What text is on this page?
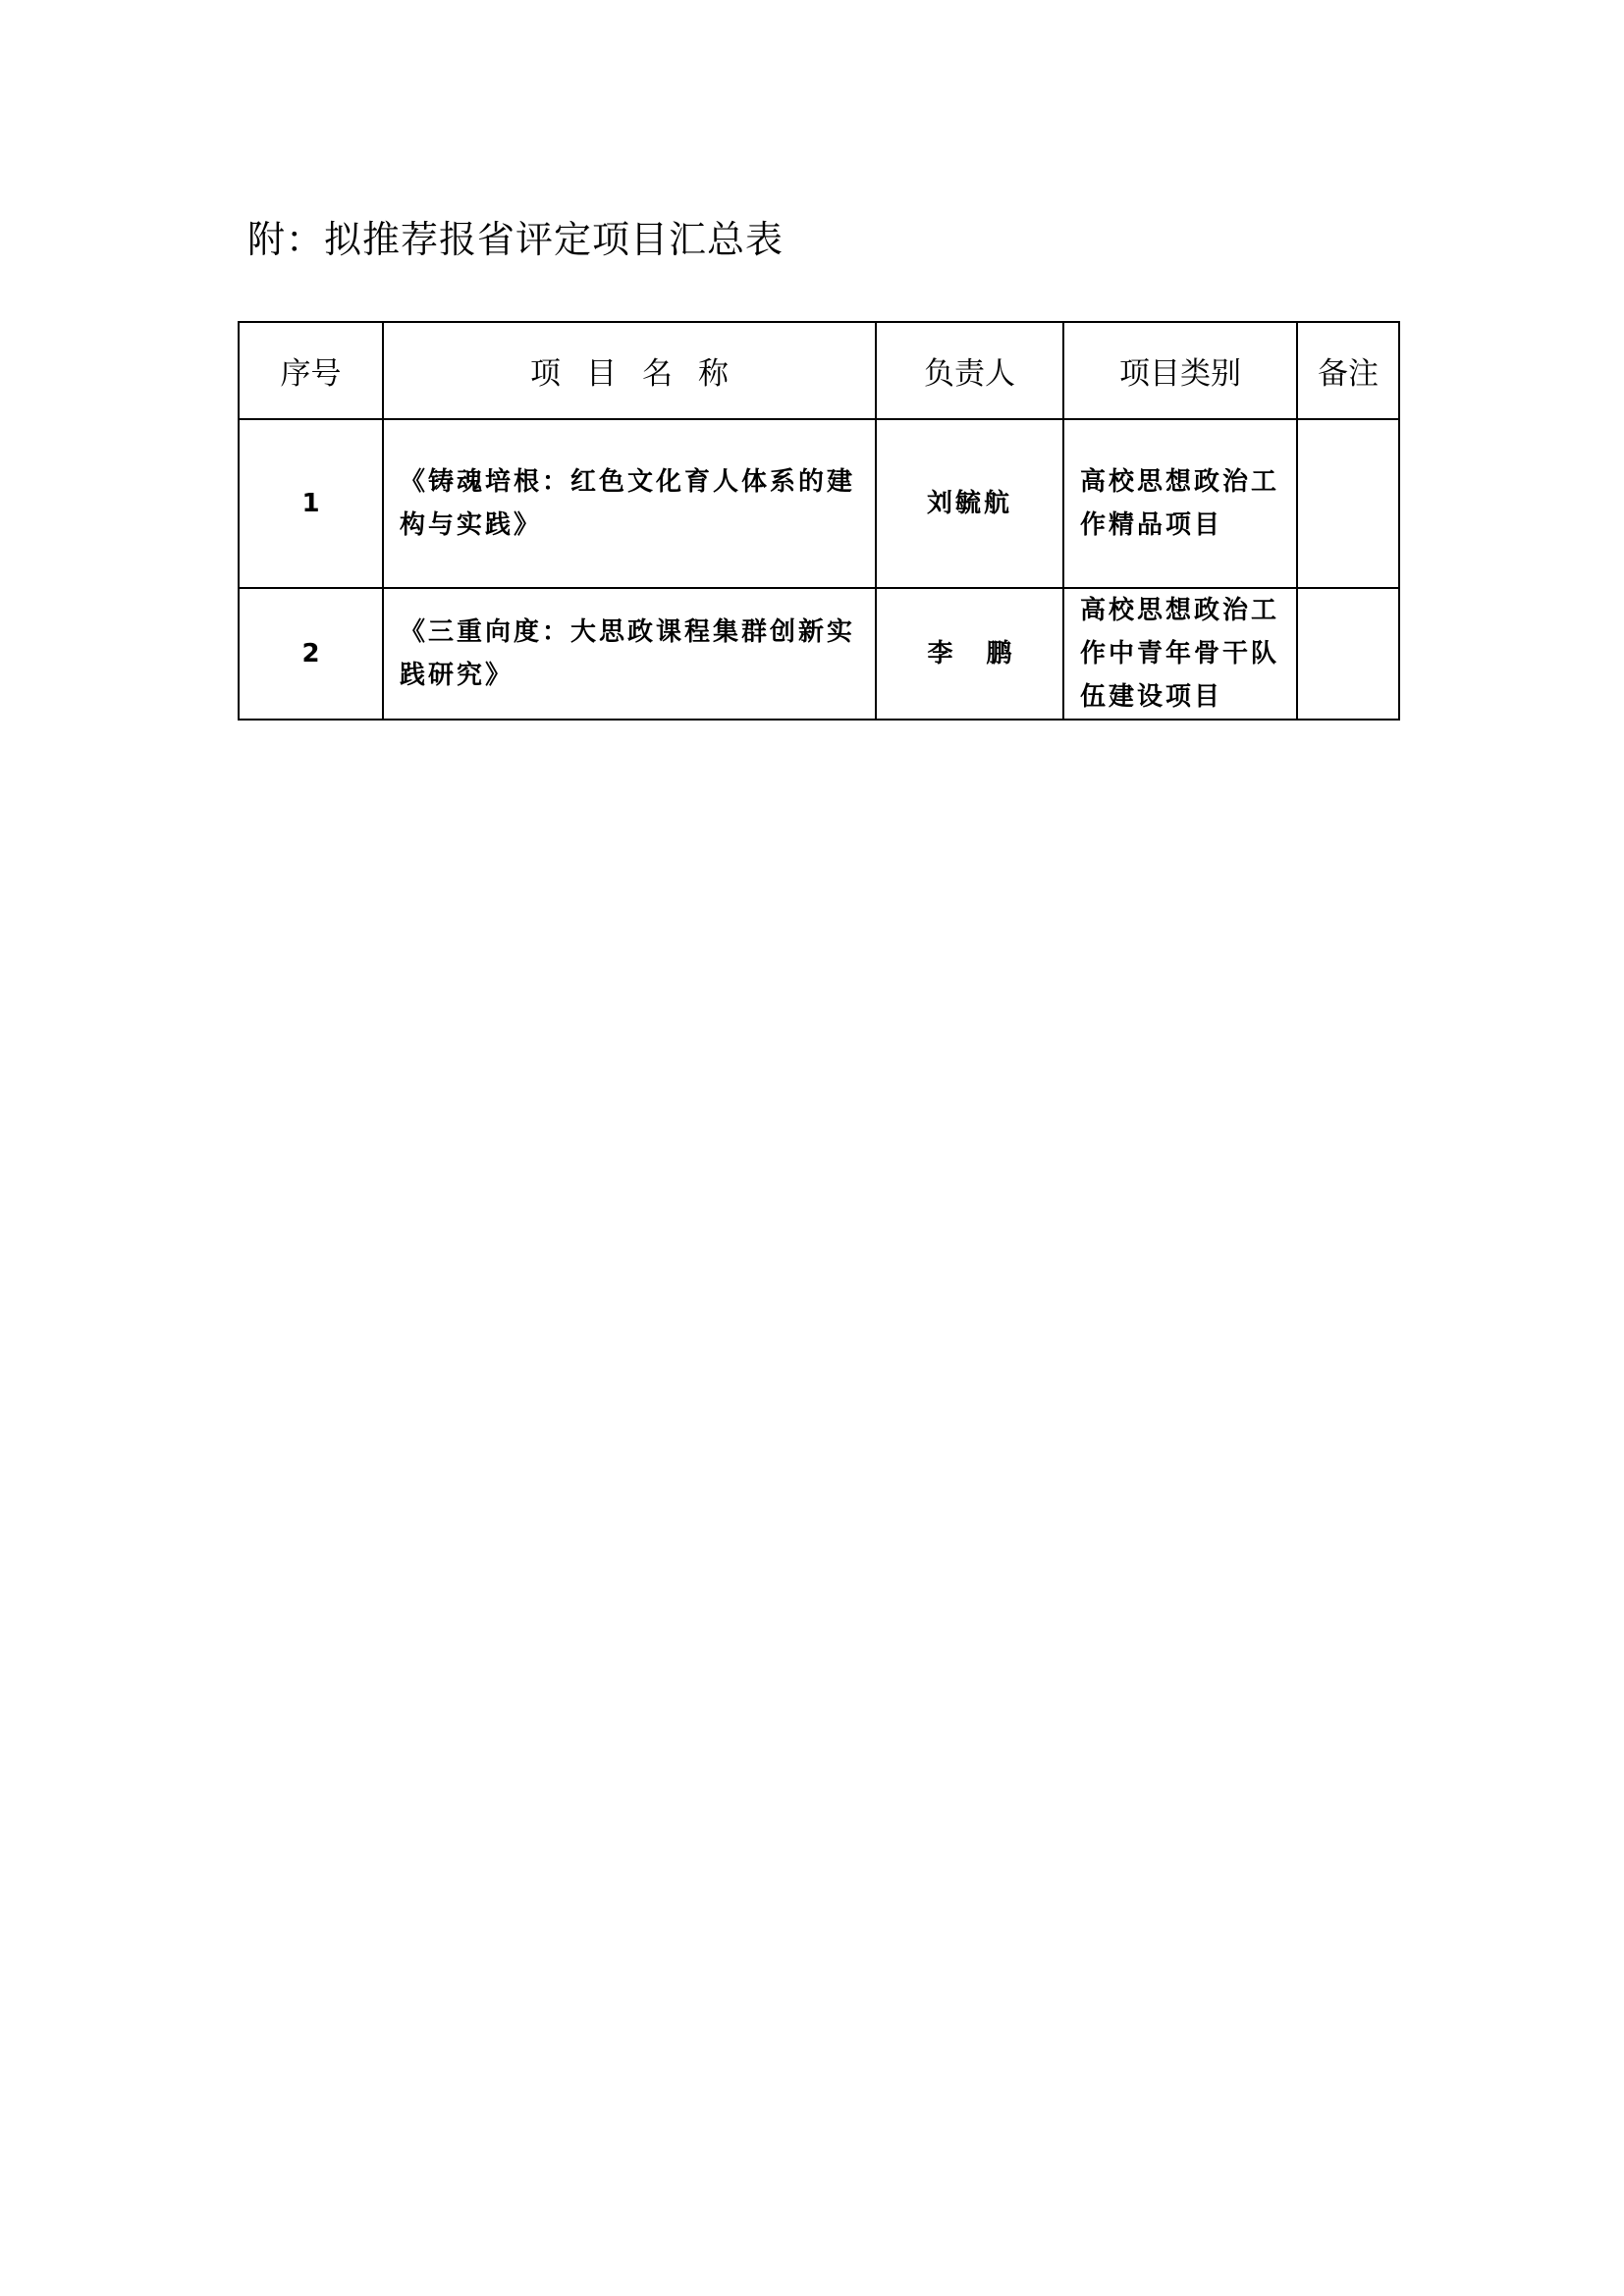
附：拟推荐报省评定项目汇总表
序号	项目名称	负责人	项目类别	备注
1	《铸魂培根：红色文化育人体系的建构与实践》	刘毓航	高校思想政治工作精品项目	
2	《三重向度：大思政课程集群创新实践研究》	李鹏	高校思想政治工作中青年骨干队伍建设项目	
